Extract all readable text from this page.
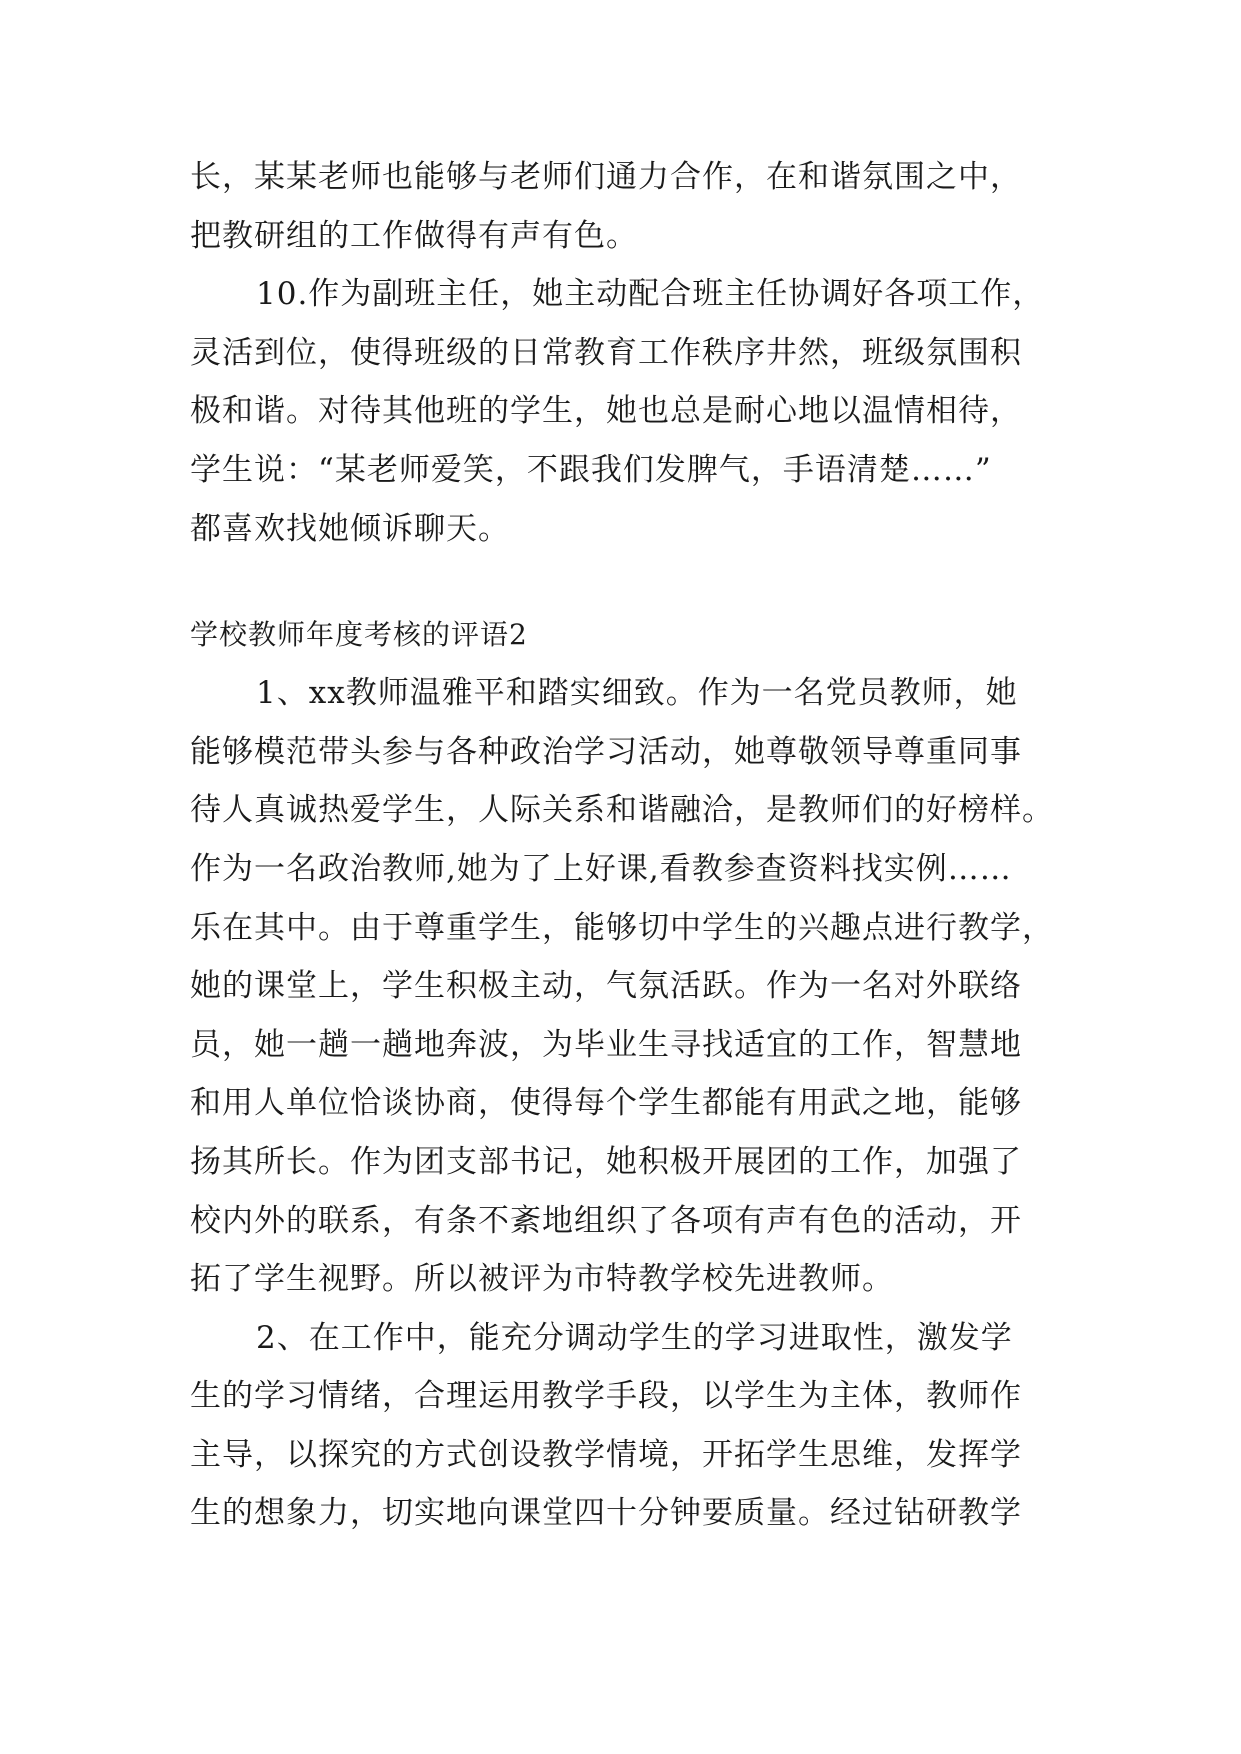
长，某某老师也能够与老师们通力合作，在和谐氛围之中，
把教研组的工作做得有声有色。
10.作为副班主任，她主动配合班主任协调好各项工作，
灵活到位，使得班级的日常教育工作秩序井然，班级氛围积
极和谐。对待其他班的学生，她也总是耐心地以温情相待，
学生说：“某老师爱笑，不跟我们发脾气，手语清楚……”
都喜欢找她倾诉聊天。
学校教师年度考核的评语2
1、xx教师温雅平和踏实细致。作为一名党员教师，她
能够模范带头参与各种政治学习活动，她尊敬领导尊重同事
待人真诚热爱学生，人际关系和谐融洽，是教师们的好榜样。
作为一名政治教师,她为了上好课,看教参查资料找实例……
乐在其中。由于尊重学生，能够切中学生的兴趣点进行教学，
她的课堂上，学生积极主动，气氛活跃。作为一名对外联络
员，她一趟一趟地奔波，为毕业生寻找适宜的工作，智慧地
和用人单位恰谈协商，使得每个学生都能有用武之地，能够
扬其所长。作为团支部书记，她积极开展团的工作，加强了
校内外的联系，有条不紊地组织了各项有声有色的活动，开
拓了学生视野。所以被评为市特教学校先进教师。
2、在工作中，能充分调动学生的学习进取性，激发学
生的学习情绪，合理运用教学手段，以学生为主体，教师作
主导，以探究的方式创设教学情境，开拓学生思维，发挥学
生的想象力，切实地向课堂四十分钟要质量。经过钻研教学
